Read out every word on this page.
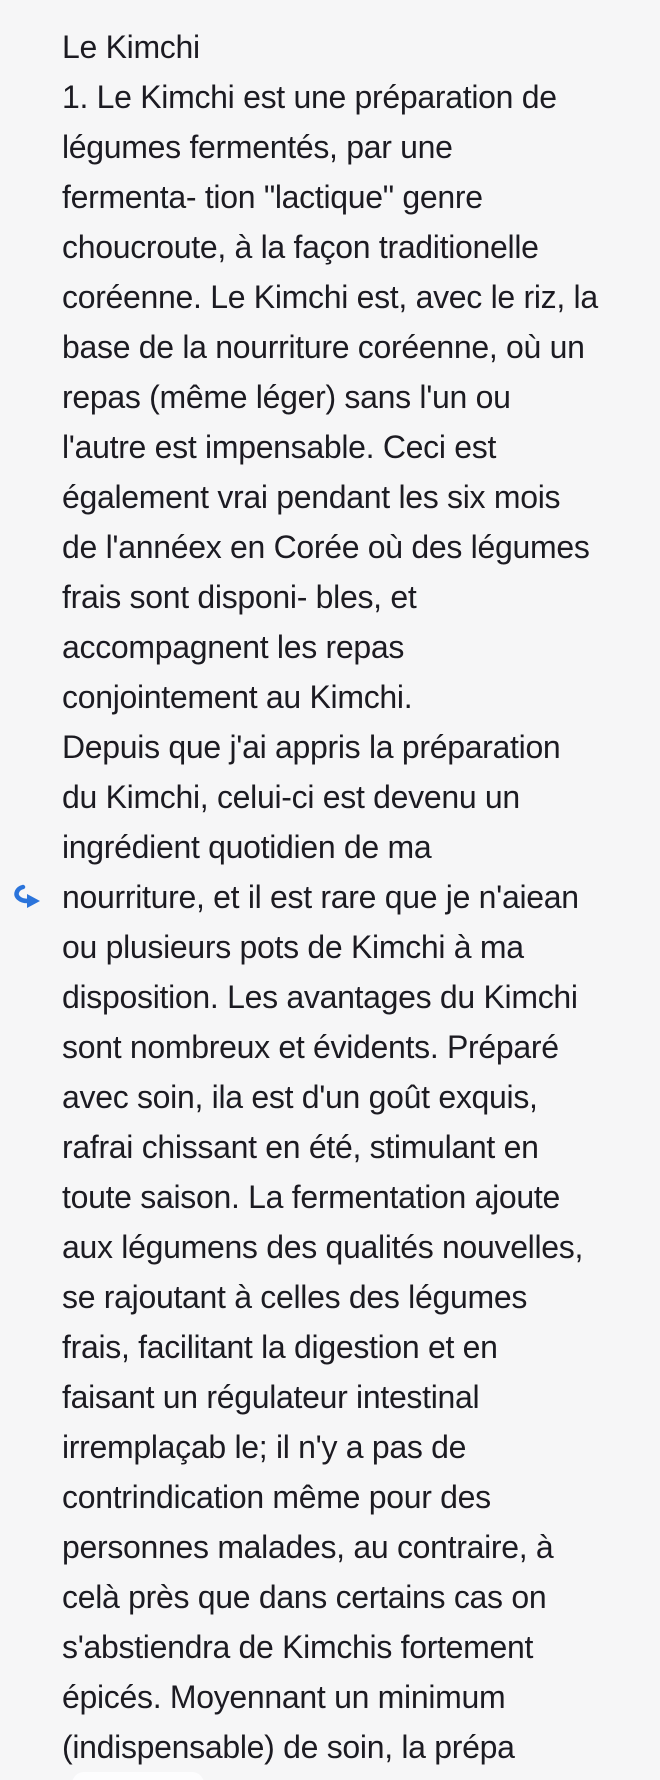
Le Kimchi
1. Le Kimchi est une préparation de
légumes fermentés, par une
fermenta- tion "lactique" genre
choucroute, à la façon traditionelle
coréenne. Le Kimchi est, avec le riz, la
base de la nourriture coréenne, où un
repas (même léger) sans l'un ou
l'autre est impensable. Ceci est
également vrai pendant les six mois
de l'annéex en Corée où des légumes
frais sont disponi- bles, et
accompagnent les repas
conjointement au Kimchi.
Depuis que j'ai appris la préparation
du Kimchi, celui-ci est devenu un
ingrédient quotidien de ma
nourriture, et il est rare que je n'aiean
ou plusieurs pots de Kimchi à ma
disposition. Les avantages du Kimchi
sont nombreux et évidents. Préparé
avec soin, ila est d'un goût exquis,
rafrai chissant en été, stimulant en
toute saison. La fermentation ajoute
aux légumens des qualités nouvelles,
se rajoutant à celles des légumes
frais, facilitant la digestion et en
faisant un régulateur intestinal
irremplaçab le; il n'y a pas de
contrindication même pour des
personnes malades, au contraire, à
celà près que dans certains cas on
s'abstiendra de Kimchis fortement
épicés. Moyennant un minimum
(indispensable) de soin, la prépa
